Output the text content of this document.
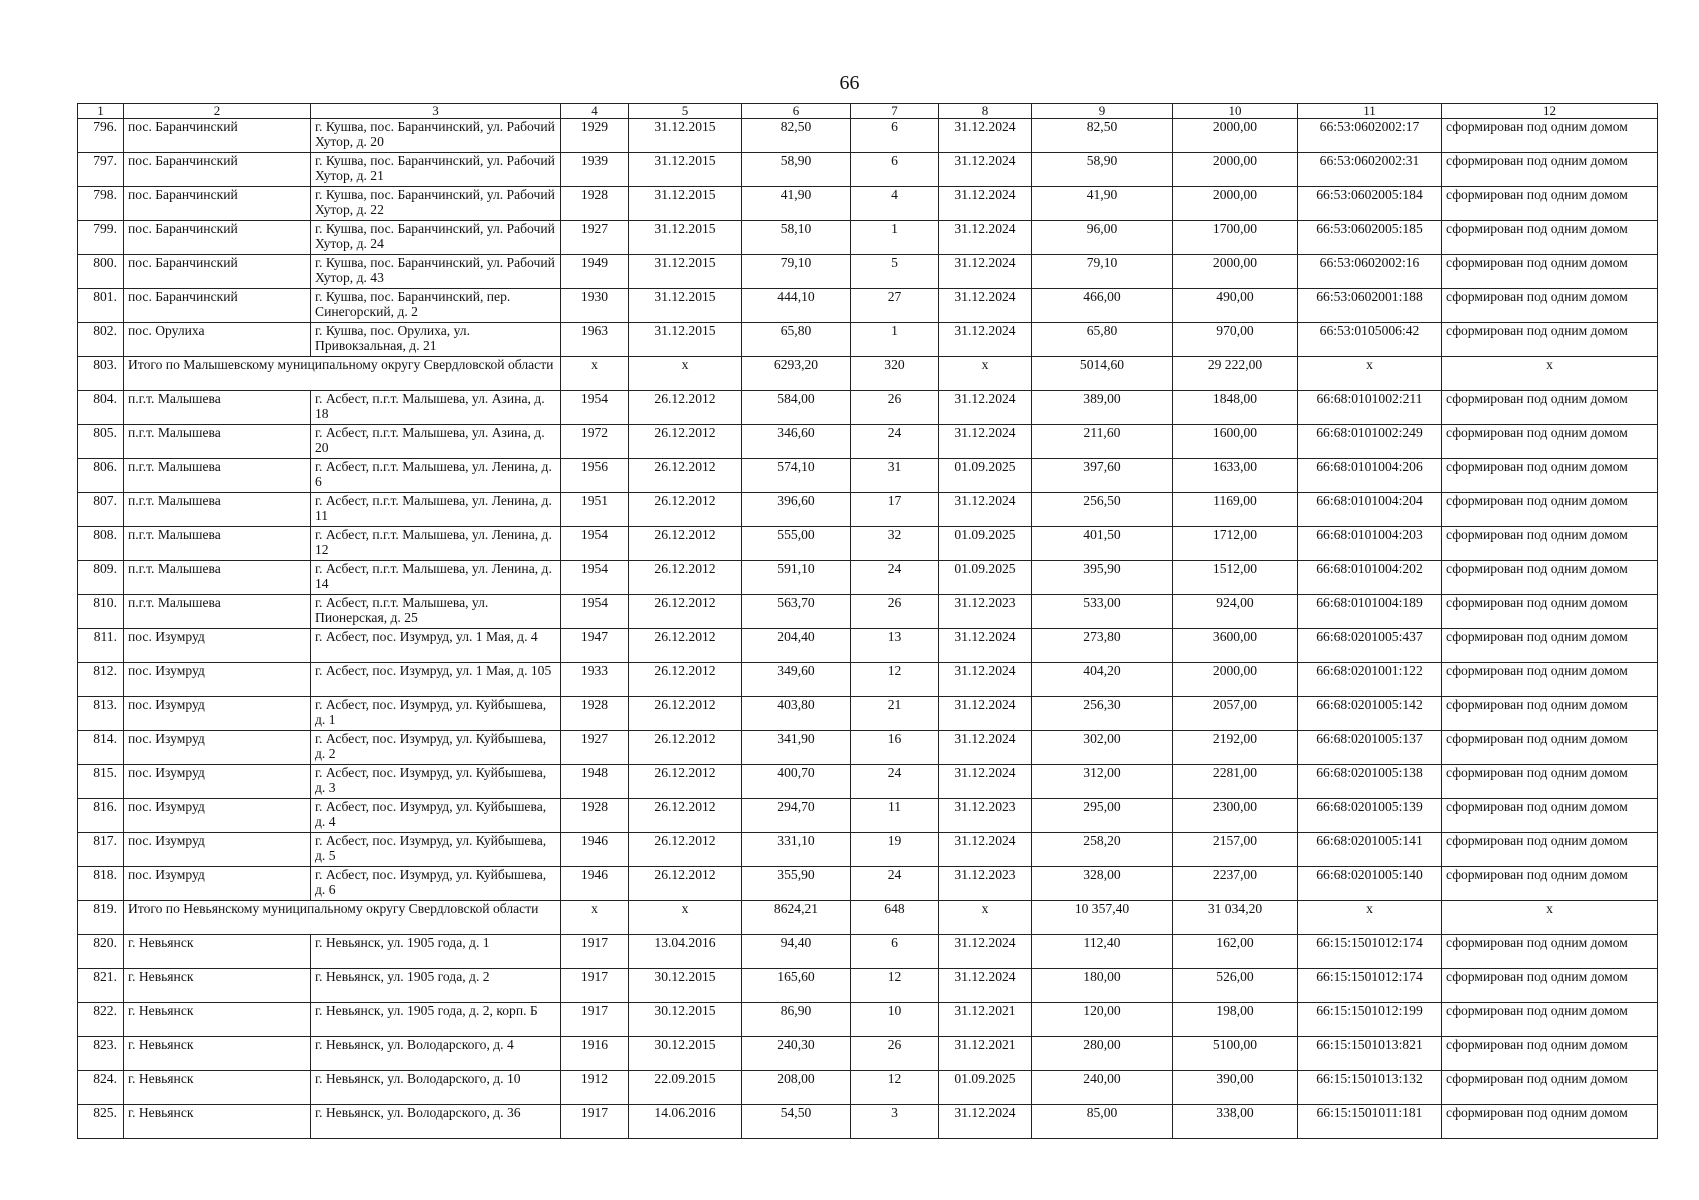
66
1	2	3	4	5	6	7	8	9	10	11	12
796.	пос. Баранчинский	г. Кушва, пос. Баранчинский, ул. Рабочий Хутор, д. 20	1929	31.12.2015	82,50	6	31.12.2024	82,50	2000,00	66:53:0602002:17	сформирован под одним домом
797.	пос. Баранчинский	г. Кушва, пос. Баранчинский, ул. Рабочий Хутор, д. 21	1939	31.12.2015	58,90	6	31.12.2024	58,90	2000,00	66:53:0602002:31	сформирован под одним домом
798.	пос. Баранчинский	г. Кушва, пос. Баранчинский, ул. Рабочий Хутор, д. 22	1928	31.12.2015	41,90	4	31.12.2024	41,90	2000,00	66:53:0602005:184	сформирован под одним домом
799.	пос. Баранчинский	г. Кушва, пос. Баранчинский, ул. Рабочий Хутор, д. 24	1927	31.12.2015	58,10	1	31.12.2024	96,00	1700,00	66:53:0602005:185	сформирован под одним домом
800.	пос. Баранчинский	г. Кушва, пос. Баранчинский, ул. Рабочий Хутор, д. 43	1949	31.12.2015	79,10	5	31.12.2024	79,10	2000,00	66:53:0602002:16	сформирован под одним домом
801.	пос. Баранчинский	г. Кушва, пос. Баранчинский, пер. Синегорский, д. 2	1930	31.12.2015	444,10	27	31.12.2024	466,00	490,00	66:53:0602001:188	сформирован под одним домом
802.	пос. Орулиха	г. Кушва, пос. Орулиха, ул. Привокзальная, д. 21	1963	31.12.2015	65,80	1	31.12.2024	65,80	970,00	66:53:0105006:42	сформирован под одним домом
803.	Итого по Малышевскому муниципальному округу Свердловской области		x	x	6293,20	320	x	5014,60	29 222,00	x	x
804.	п.г.т. Малышева	г. Асбест, п.г.т. Малышева, ул. Азина, д. 18	1954	26.12.2012	584,00	26	31.12.2024	389,00	1848,00	66:68:0101002:211	сформирован под одним домом
805.	п.г.т. Малышева	г. Асбест, п.г.т. Малышева, ул. Азина, д. 20	1972	26.12.2012	346,60	24	31.12.2024	211,60	1600,00	66:68:0101002:249	сформирован под одним домом
806.	п.г.т. Малышева	г. Асбест, п.г.т. Малышева, ул. Ленина, д. 6	1956	26.12.2012	574,10	31	01.09.2025	397,60	1633,00	66:68:0101004:206	сформирован под одним домом
807.	п.г.т. Малышева	г. Асбест, п.г.т. Малышева, ул. Ленина, д. 11	1951	26.12.2012	396,60	17	31.12.2024	256,50	1169,00	66:68:0101004:204	сформирован под одним домом
808.	п.г.т. Малышева	г. Асбест, п.г.т. Малышева, ул. Ленина, д. 12	1954	26.12.2012	555,00	32	01.09.2025	401,50	1712,00	66:68:0101004:203	сформирован под одним домом
809.	п.г.т. Малышева	г. Асбест, п.г.т. Малышева, ул. Ленина, д. 14	1954	26.12.2012	591,10	24	01.09.2025	395,90	1512,00	66:68:0101004:202	сформирован под одним домом
810.	п.г.т. Малышева	г. Асбест, п.г.т. Малышева, ул. Пионерская, д. 25	1954	26.12.2012	563,70	26	31.12.2023	533,00	924,00	66:68:0101004:189	сформирован под одним домом
811.	пос. Изумруд	г. Асбест, пос. Изумруд, ул. 1 Мая, д. 4	1947	26.12.2012	204,40	13	31.12.2024	273,80	3600,00	66:68:0201005:437	сформирован под одним домом
812.	пос. Изумруд	г. Асбест, пос. Изумруд, ул. 1 Мая, д. 105	1933	26.12.2012	349,60	12	31.12.2024	404,20	2000,00	66:68:0201001:122	сформирован под одним домом
813.	пос. Изумруд	г. Асбест, пос. Изумруд, ул. Куйбышева, д. 1	1928	26.12.2012	403,80	21	31.12.2024	256,30	2057,00	66:68:0201005:142	сформирован под одним домом
814.	пос. Изумруд	г. Асбест, пос. Изумруд, ул. Куйбышева, д. 2	1927	26.12.2012	341,90	16	31.12.2024	302,00	2192,00	66:68:0201005:137	сформирован под одним домом
815.	пос. Изумруд	г. Асбест, пос. Изумруд, ул. Куйбышева, д. 3	1948	26.12.2012	400,70	24	31.12.2024	312,00	2281,00	66:68:0201005:138	сформирован под одним домом
816.	пос. Изумруд	г. Асбест, пос. Изумруд, ул. Куйбышева, д. 4	1928	26.12.2012	294,70	11	31.12.2023	295,00	2300,00	66:68:0201005:139	сформирован под одним домом
817.	пос. Изумруд	г. Асбест, пос. Изумруд, ул. Куйбышева, д. 5	1946	26.12.2012	331,10	19	31.12.2024	258,20	2157,00	66:68:0201005:141	сформирован под одним домом
818.	пос. Изумруд	г. Асбест, пос. Изумруд, ул. Куйбышева, д. 6	1946	26.12.2012	355,90	24	31.12.2023	328,00	2237,00	66:68:0201005:140	сформирован под одним домом
819.	Итого по Невьянскому муниципальному округу Свердловской области		x	x	8624,21	648	x	10 357,40	31 034,20	x	x
820.	г. Невьянск	г. Невьянск, ул. 1905 года, д. 1	1917	13.04.2016	94,40	6	31.12.2024	112,40	162,00	66:15:1501012:174	сформирован под одним домом
821.	г. Невьянск	г. Невьянск, ул. 1905 года, д. 2	1917	30.12.2015	165,60	12	31.12.2024	180,00	526,00	66:15:1501012:174	сформирован под одним домом
822.	г. Невьянск	г. Невьянск, ул. 1905 года, д. 2, корп. Б	1917	30.12.2015	86,90	10	31.12.2021	120,00	198,00	66:15:1501012:199	сформирован под одним домом
823.	г. Невьянск	г. Невьянск, ул. Володарского, д. 4	1916	30.12.2015	240,30	26	31.12.2021	280,00	5100,00	66:15:1501013:821	сформирован под одним домом
824.	г. Невьянск	г. Невьянск, ул. Володарского, д. 10	1912	22.09.2015	208,00	12	01.09.2025	240,00	390,00	66:15:1501013:132	сформирован под одним домом
825.	г. Невьянск	г. Невьянск, ул. Володарского, д. 36	1917	14.06.2016	54,50	3	31.12.2024	85,00	338,00	66:15:1501011:181	сформирован под одним домом
